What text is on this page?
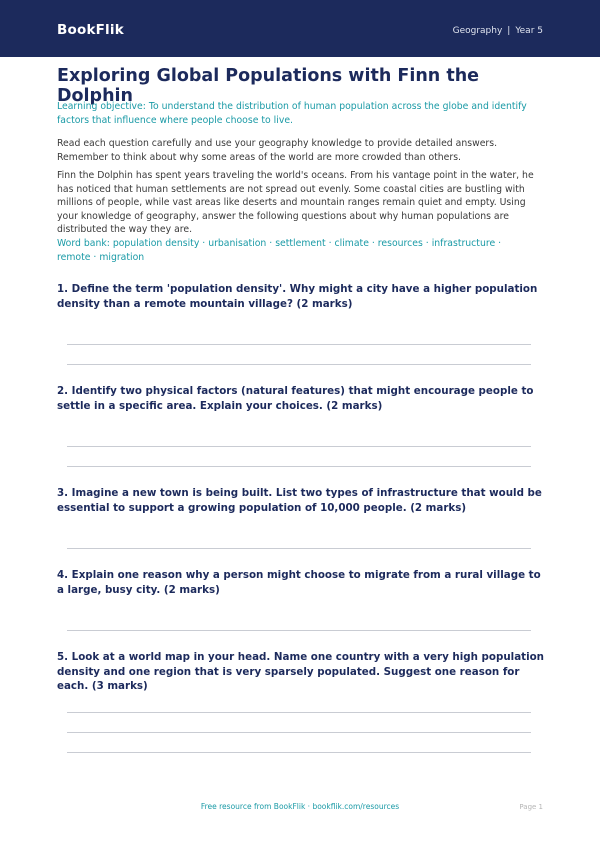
BookFlik	Geography | Year 5
Exploring Global Populations with Finn the Dolphin

Learning objective: To understand the distribution of human population across the globe and identify factors that influence where people choose to live.

Read each question carefully and use your geography knowledge to provide detailed answers. Remember to think about why some areas of the world are more crowded than others.

Finn the Dolphin has spent years traveling the world's oceans. From his vantage point in the water, he has noticed that human settlements are not spread out evenly. Some coastal cities are bustling with millions of people, while vast areas like deserts and mountain ranges remain quiet and empty. Using your knowledge of geography, answer the following questions about why human populations are distributed the way they are.

Word bank: population density · urbanisation · settlement · climate · resources · infrastructure · remote · migration

1. Define the term 'population density'. Why might a city have a higher population density than a remote mountain village? (2 marks)

2. Identify two physical factors (natural features) that might encourage people to settle in a specific area. Explain your choices. (2 marks)

3. Imagine a new town is being built. List two types of infrastructure that would be essential to support a growing population of 10,000 people. (2 marks)

4. Explain one reason why a person might choose to migrate from a rural village to a large, busy city. (2 marks)

5. Look at a world map in your head. Name one country with a very high population density and one region that is very sparsely populated. Suggest one reason for each. (3 marks)

Free resource from BookFlik · bookflik.com/resources	Page 1
